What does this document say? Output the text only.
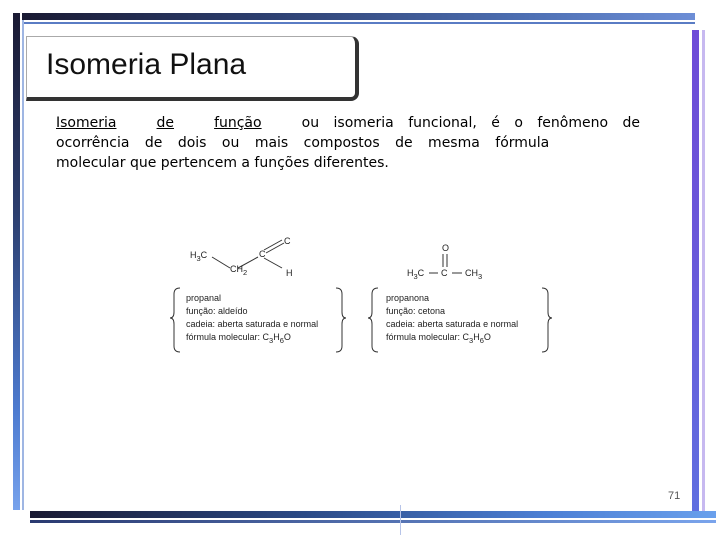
Isomeria Plana
Isomeria	de	função	ou isomeria funcional, é o fenômeno de
ocorrência de dois ou mais compostos de mesma fórmula
molecular que pertencem a funções diferentes.
$H_3C$
$CH_2$
C
C
H
O
$H_3C$ C $CH_3$
propanal
função: aldeído
cadeia: aberta saturada e normal
fórmula molecular: $C_3H_6O$
propanona
função: cetona
cadeia: aberta saturada e normal
fórmula molecular: $C_3H_6O$
71
